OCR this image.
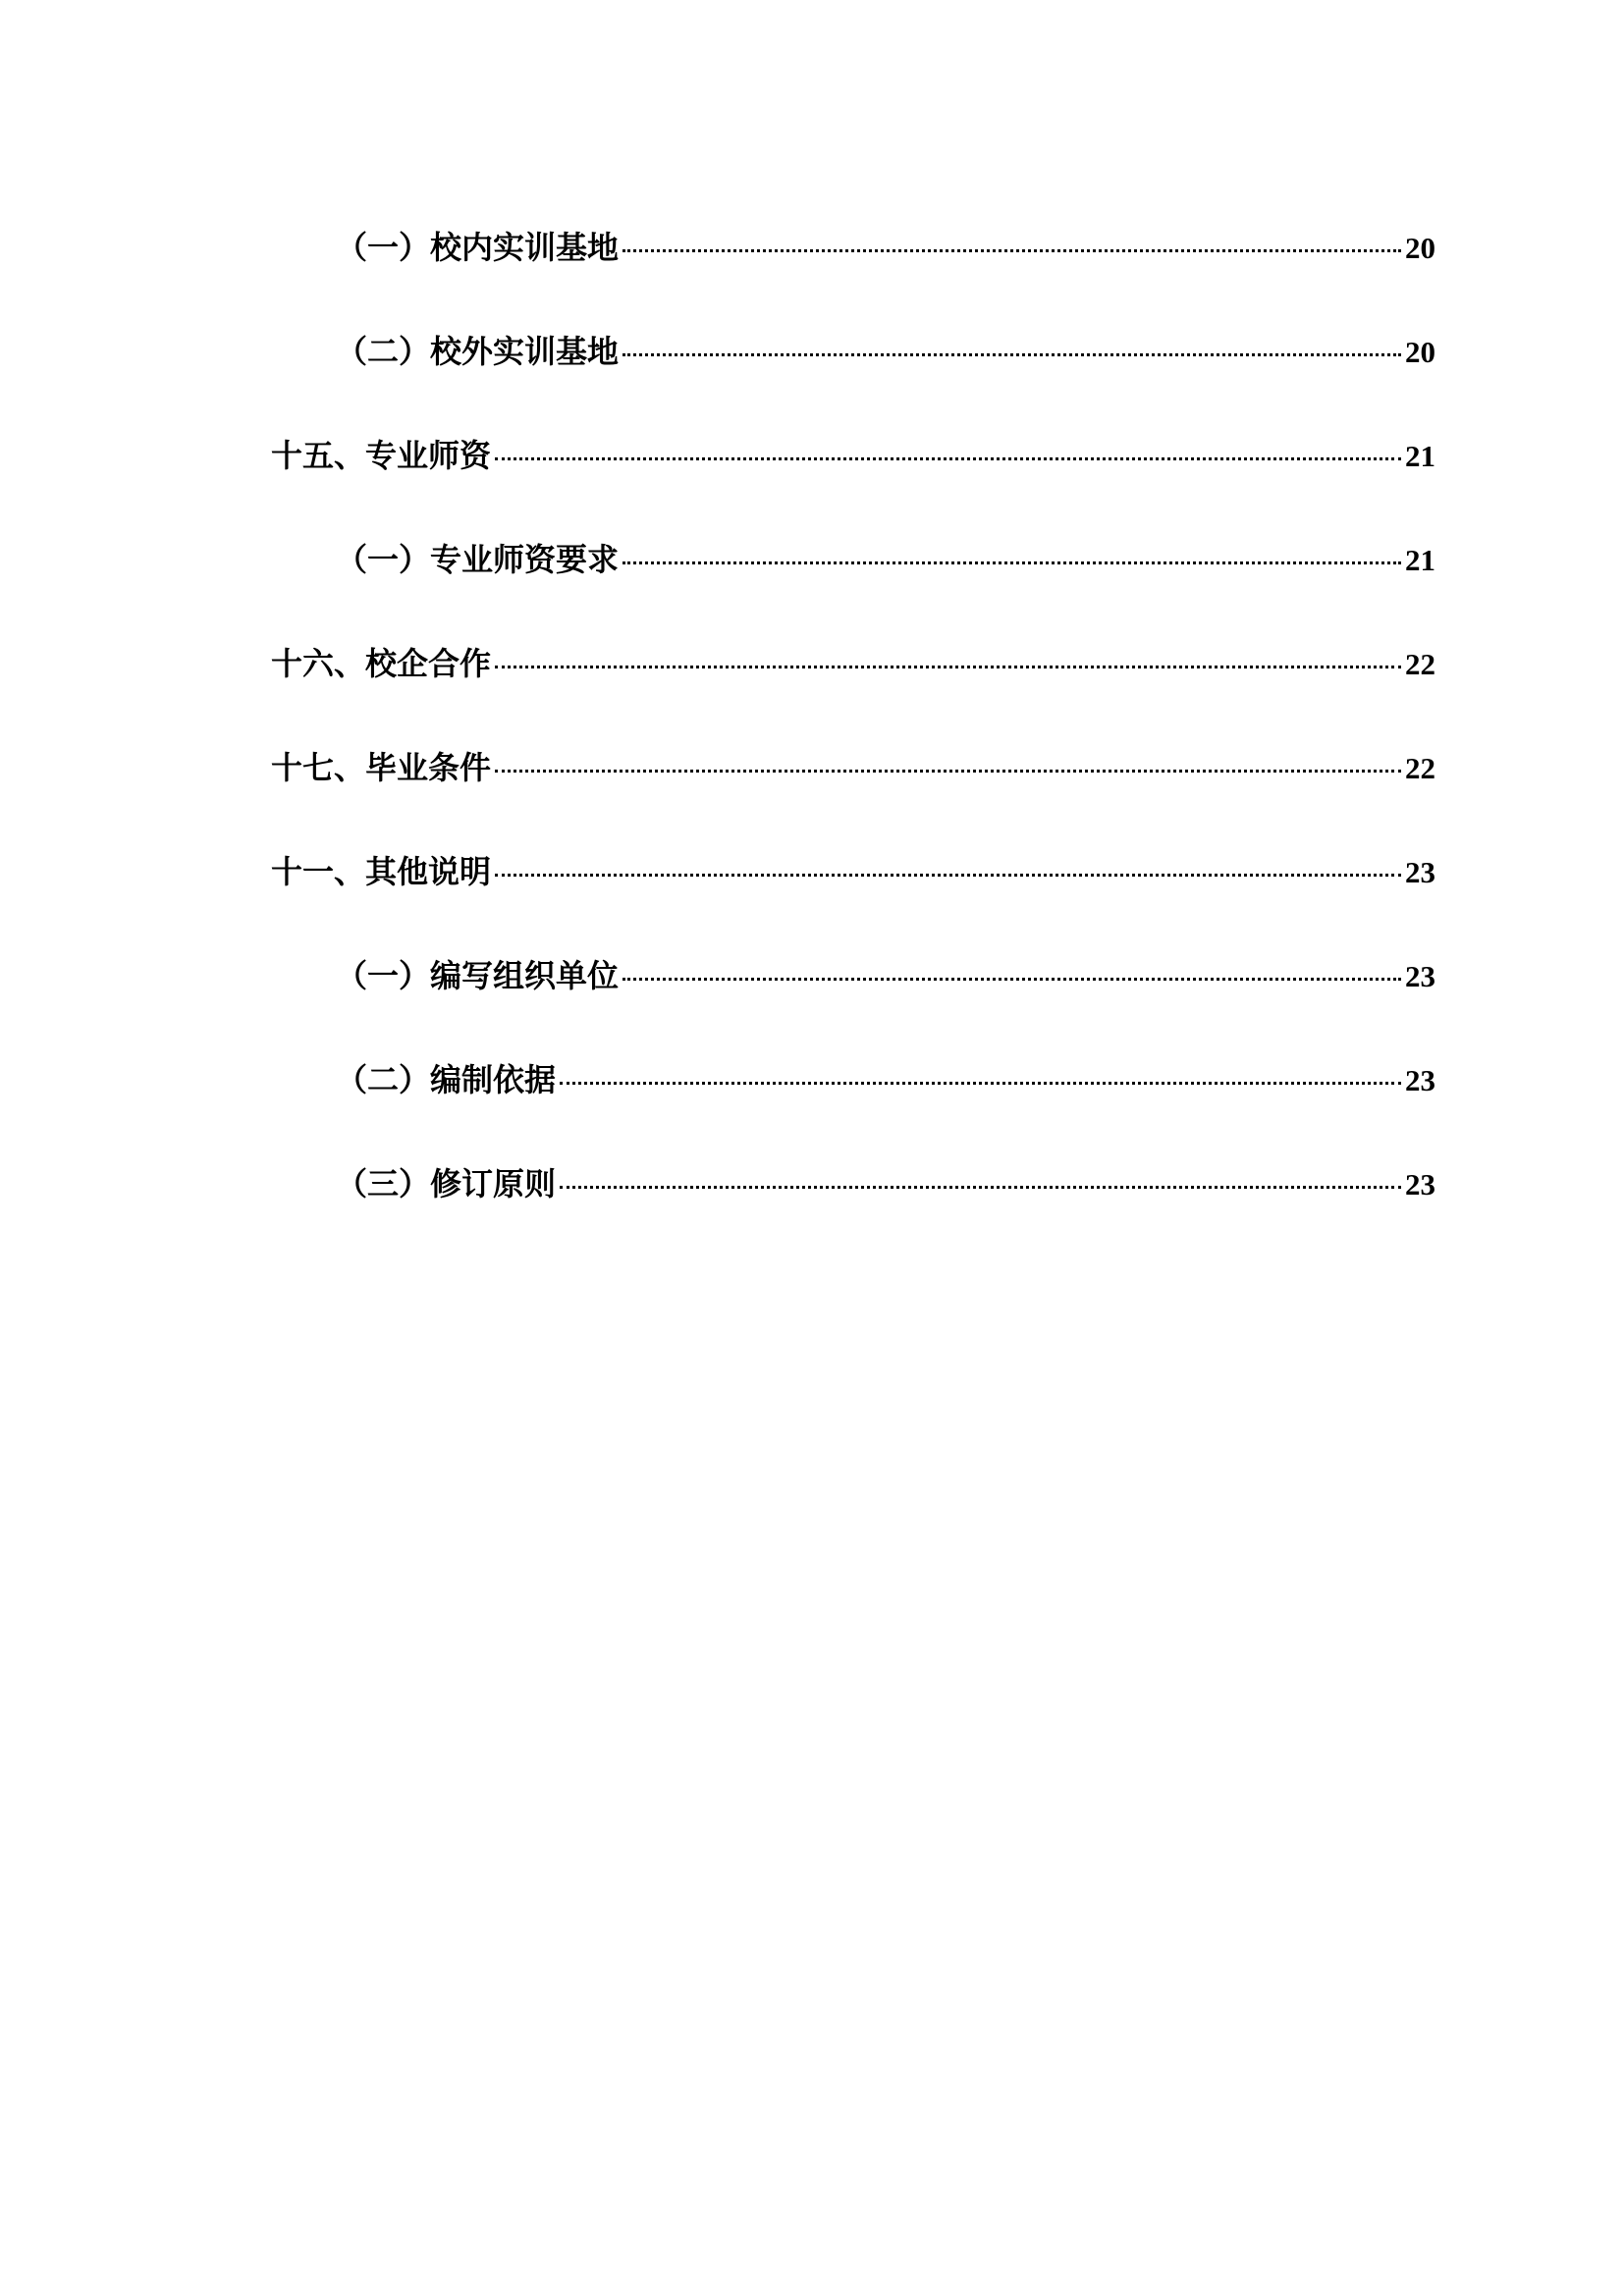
（一）校内实训基地	20
（二）校外实训基地	20
十五、专业师资	21
（一）专业师资要求	21
十六、校企合作	22
十七、毕业条件	22
十一、其他说明	23
（一）编写组织单位	23
（二）编制依据	23
（三）修订原则	23
